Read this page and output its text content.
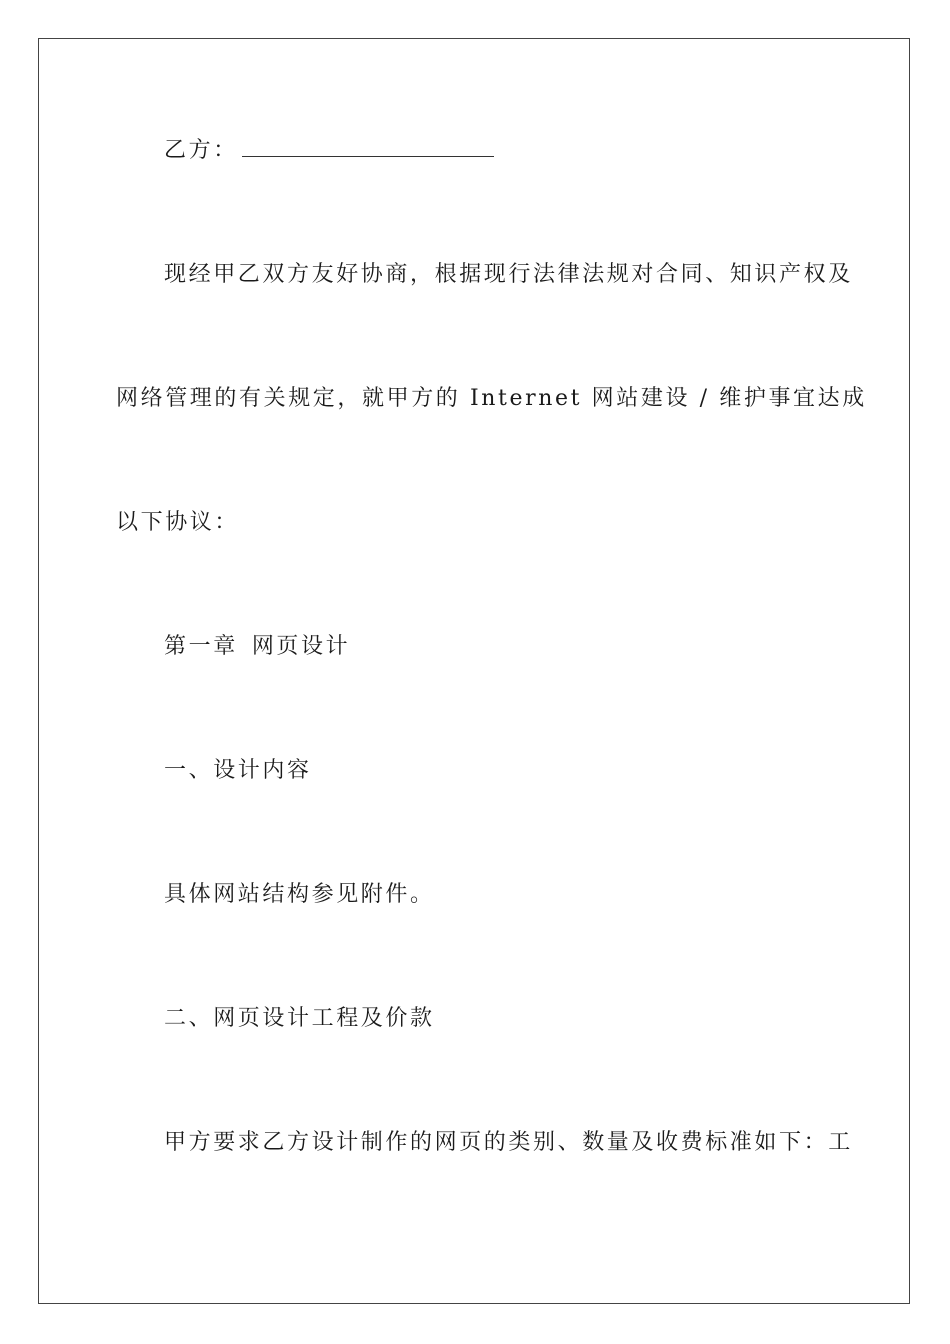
乙方：
现经甲乙双方友好协商，根据现行法律法规对合同、知识产权及
网络管理的有关规定，就甲方的 Internet 网站建设 / 维护事宜达成
以下协议：
第一章 网页设计
一、设计内容
具体网站结构参见附件。
二、网页设计工程及价款
甲方要求乙方设计制作的网页的类别、数量及收费标准如下：工
